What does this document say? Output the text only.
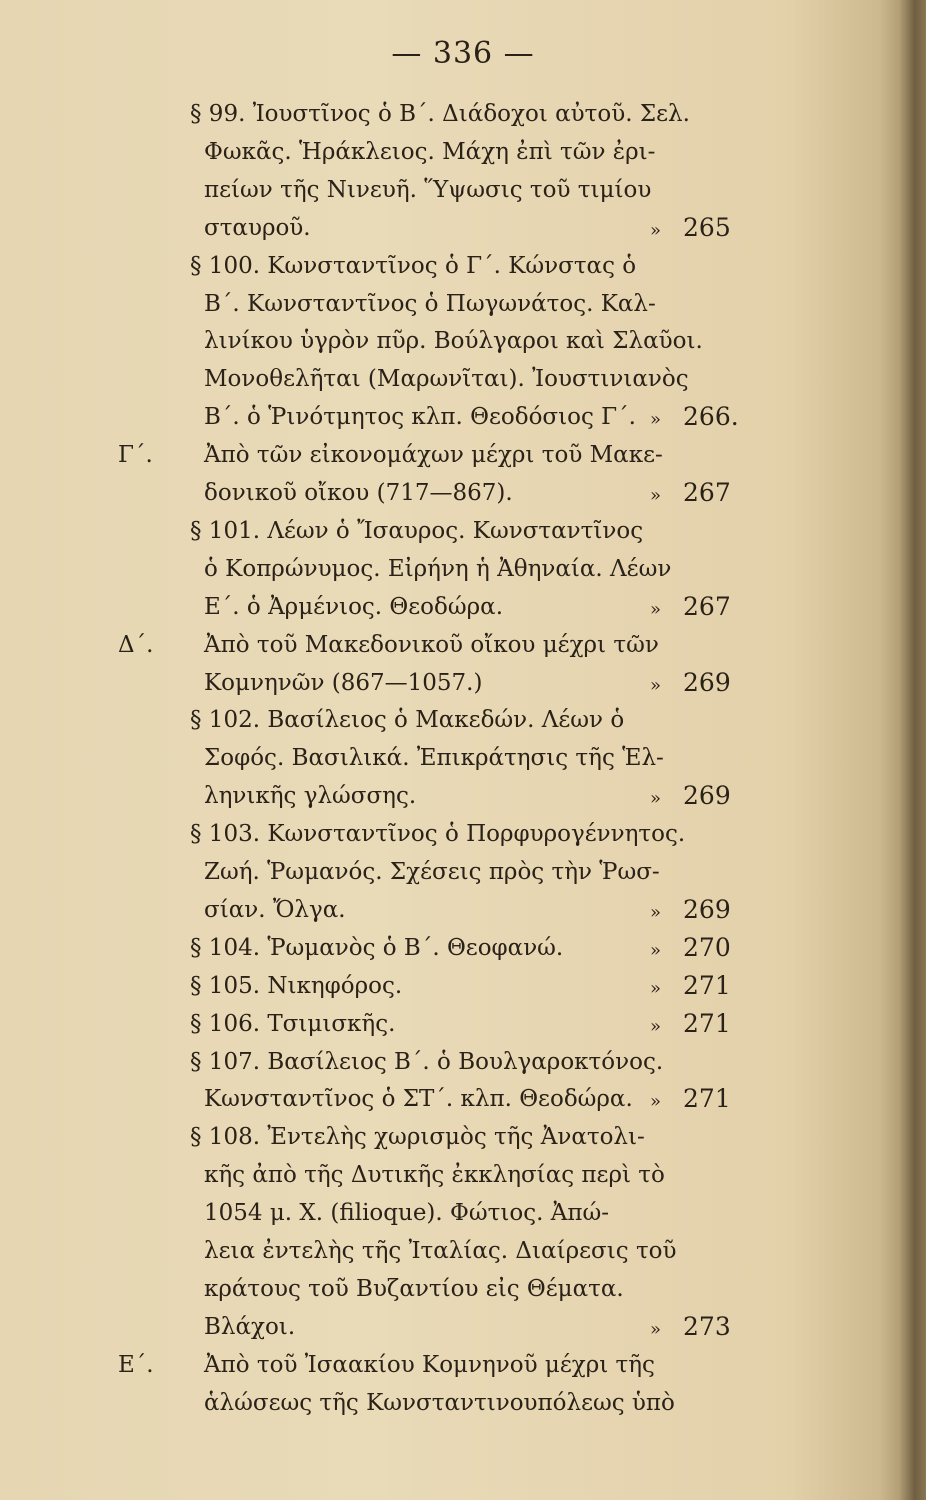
— 336 —
§ 99. Ἰουστῖνος ὁ Β΄. Διάδοχοι αὐτοῦ. Σελ.
Φωκᾶς. Ἡράκλειος. Μάχη ἐπὶ τῶν ἐρι-
πείων τῆς Νινευῆ. Ὕψωσις τοῦ τιμίου
σταυροῦ.
§ 100. Κωνσταντῖνος ὁ Γ΄. Κώνστας ὁ
Β΄. Κωνσταντῖνος ὁ Πωγωνάτος. Καλ-
λινίκου ὑγρὸν πῦρ. Βούλγαροι καὶ Σλαῦοι.
Μονοθελῆται (Μαρωνῖται). Ἰουστινιανὸς
Β΄. ὁ Ῥινότμητος κλπ. Θεοδόσιος Γ΄.
Ἀπὸ τῶν εἰκονομάχων μέχρι τοῦ Μακε-
δονικοῦ οἴκου (717—867).
§ 101. Λέων ὁ Ἴσαυρος. Κωνσταντῖνος
ὁ Κοπρώνυμος. Εἰρήνη ἡ Ἀθηναία. Λέων
Ε΄. ὁ Ἀρμένιος. Θεοδώρα.
Ἀπὸ τοῦ Μακεδονικοῦ οἴκου μέχρι τῶν
Κομνηνῶν (867—1057.)
§ 102. Βασίλειος ὁ Μακεδών. Λέων ὁ
Σοφός. Βασιλικά. Ἐπικράτησις τῆς Ἑλ-
ληνικῆς γλώσσης.
§ 103. Κωνσταντῖνος ὁ Πορφυρογέννητος.
Ζωή. Ῥωμανός. Σχέσεις πρὸς τὴν Ῥωσ-
σίαν. Ὄλγα.
§ 104. Ῥωμανὸς ὁ Β΄. Θεοφανώ.
§ 105. Νικηφόρος.
§ 106. Τσιμισκῆς.
§ 107. Βασίλειος Β΄. ὁ Βουλγαροκτόνος.
Κωνσταντῖνος ὁ ΣΤ΄. κλπ. Θεοδώρα.
§ 108. Ἐντελὴς χωρισμὸς τῆς Ἀνατολι-
κῆς ἀπὸ τῆς Δυτικῆς ἐκκλησίας περὶ τὸ
1054 μ. Χ. (filioque). Φώτιος. Ἀπώ-
λεια ἐντελὴς τῆς Ἰταλίας. Διαίρεσις τοῦ
κράτους τοῦ Βυζαντίου εἰς Θέματα.
Βλάχοι.
Ἀπὸ τοῦ Ἰσαακίου Κομνηνοῦ μέχρι τῆς
ἁλώσεως τῆς Κωνσταντινουπόλεως ὑπὸ
Γ΄.
Δ΄.
Ε΄.
» 265
» 266.
» 267
» 267
» 269
» 269
» 269
» 270
» 271
» 271
» 271
» 273
